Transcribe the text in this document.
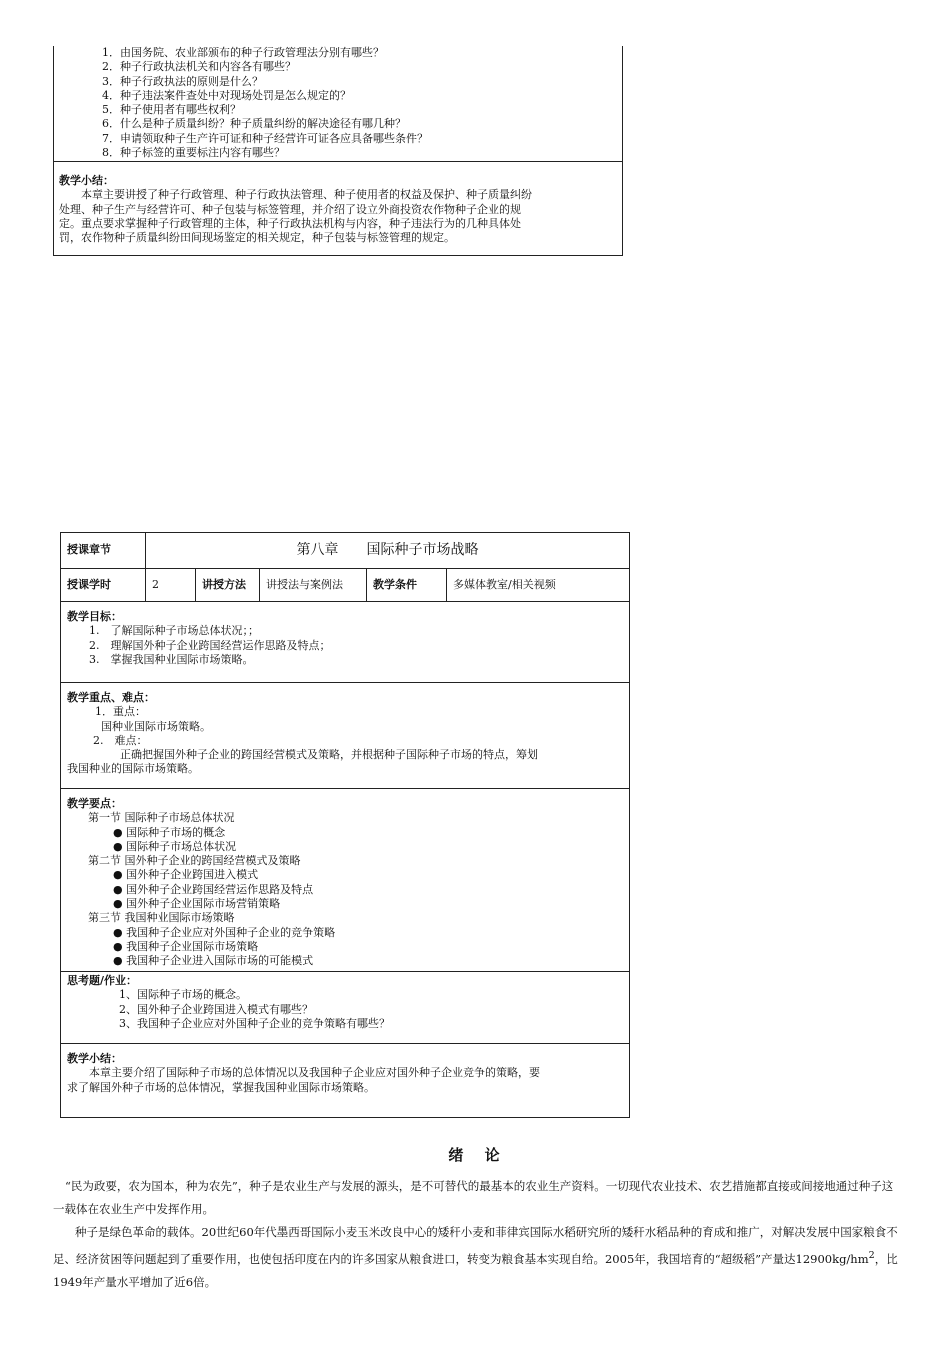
1．由国务院、农业部颁布的种子行政管理法分别有哪些？
2．种子行政执法机关和内容各有哪些？
3．种子行政执法的原则是什么？
4．种子违法案件查处中对现场处罚是怎么规定的？
5．种子使用者有哪些权利？
6．什么是种子质量纠纷？种子质量纠纷的解决途径有哪几种？
7．申请领取种子生产许可证和种子经营许可证各应具备哪些条件？
8．种子标签的重要标注内容有哪些？
教学小结：
本章主要讲授了种子行政管理、种子行政执法管理、种子使用者的权益及保护、种子质量纠纷
处理、种子生产与经营许可、种子包装与标签管理，并介绍了设立外商投资农作物种子企业的规
定。重点要求掌握种子行政管理的主体，种子行政执法机构与内容，种子违法行为的几种具体处
罚，农作物种子质量纠纷田间现场鉴定的相关规定，种子包装与标签管理的规定。
授课章节	第八章　　国际种子市场战略
授课学时	2	讲授方法	讲授法与案例法	教学条件	多媒体教室/相关视频
教学目标：
1.　了解国际种子市场总体状况；；
2.　理解国外种子企业跨国经营运作思路及特点；
3.　掌握我国种业国际市场策略。
教学重点、难点：
1．重点：
国种业国际市场策略。
2.　难点：
正确把握国外种子企业的跨国经营模式及策略，并根据种子国际种子市场的特点，筹划
我国种业的国际市场策略。
教学要点：
第一节 国际种子市场总体状况
● 国际种子市场的概念
● 国际种子市场总体状况
第二节 国外种子企业的跨国经营模式及策略
● 国外种子企业跨国进入模式
● 国外种子企业跨国经营运作思路及特点
● 国外种子企业国际市场营销策略
第三节 我国种业国际市场策略
● 我国种子企业应对外国种子企业的竞争策略
● 我国种子企业国际市场策略
● 我国种子企业进入国际市场的可能模式
思考题/作业：
1、国际种子市场的概念。
2、国外种子企业跨国进入模式有哪些？
3、我国种子企业应对外国种子企业的竞争策略有哪些？
教学小结：
本章主要介绍了国际种子市场的总体情况以及我国种子企业应对国外种子企业竞争的策略，要
求了解国外种子市场的总体情况，掌握我国种业国际市场策略。
绪 论

“民为政要，农为国本，种为农先”，种子是农业生产与发展的源头，是不可替代的最基本的农业生产资料。一切现代农业技术、农艺措施都直接或间接地通过种子这一载体在农业生产中发挥作用。

种子是绿色革命的载体。20世纪60年代墨西哥国际小麦玉米改良中心的矮秆小麦和菲律宾国际水稻研究所的矮秆水稻品种的育成和推广，对解决发展中国家粮食不足、经济贫困等问题起到了重要作用，也使包括印度在内的许多国家从粮食进口，转变为粮食基本实现自给。2005年，我国培育的“超级稻”产量达$12900kg/hm^2$，比1949年产量水平增加了近6倍。
